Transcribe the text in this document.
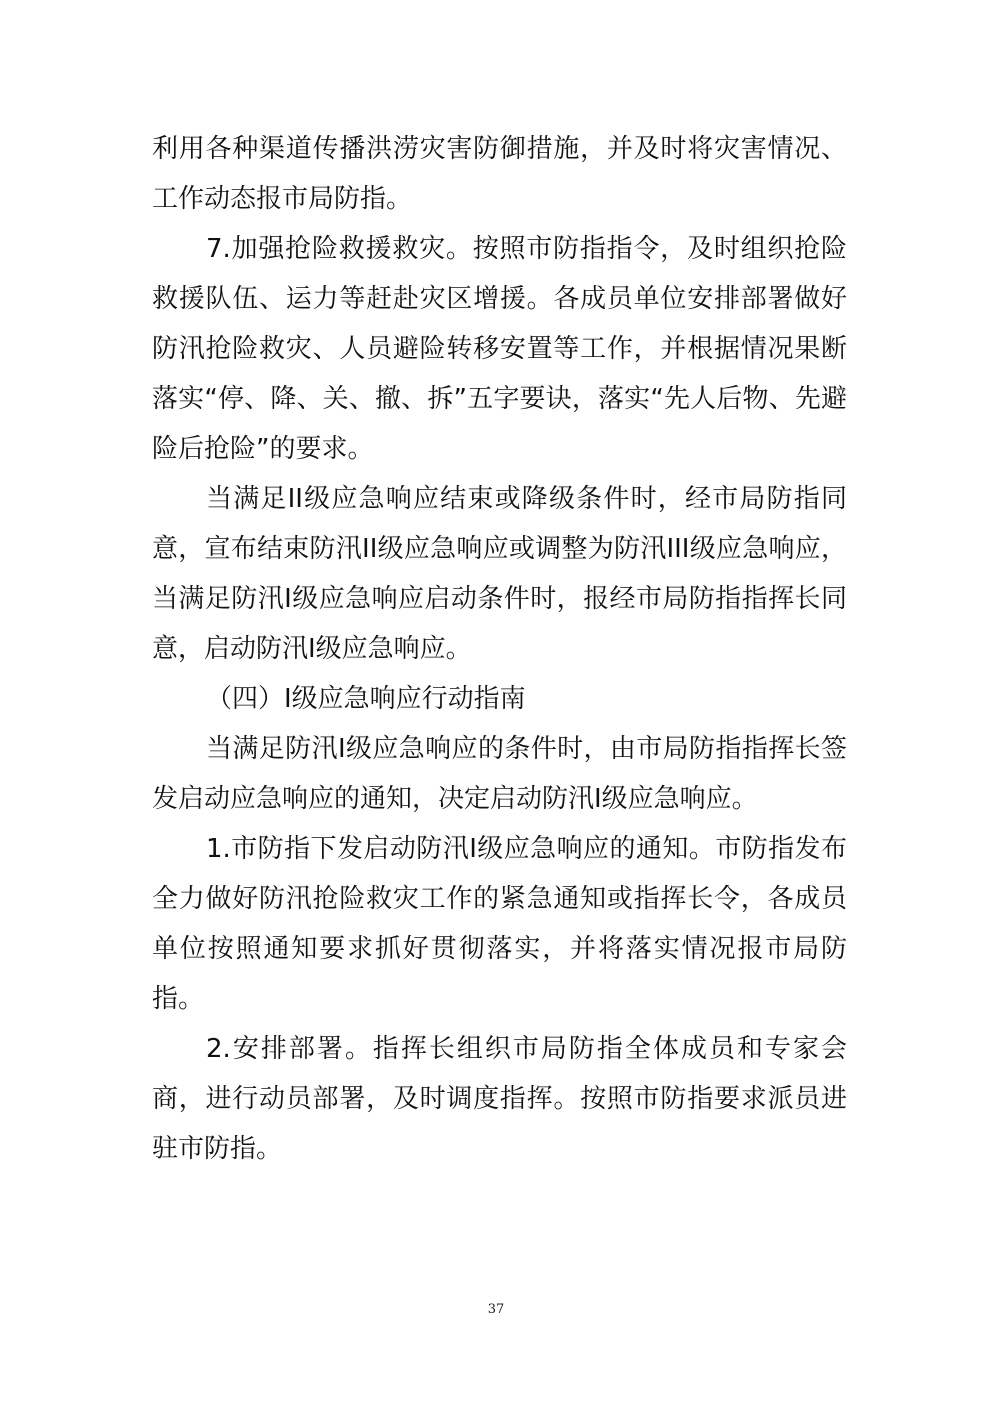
利用各种渠道传播洪涝灾害防御措施，并及时将灾害情况、工作动态报市局防指。

7.加强抢险救援救灾。按照市防指指令，及时组织抢险救援队伍、运力等赶赴灾区增援。各成员单位安排部署做好防汛抢险救灾、人员避险转移安置等工作，并根据情况果断落实“停、降、关、撤、拆”五字要诀，落实“先人后物、先避险后抢险”的要求。

当满足II级应急响应结束或降级条件时，经市局防指同意，宣布结束防汛II级应急响应或调整为防汛III级应急响应，当满足防汛I级应急响应启动条件时，报经市局防指指挥长同意，启动防汛I级应急响应。

（四）I级应急响应行动指南

当满足防汛I级应急响应的条件时，由市局防指指挥长签发启动应急响应的通知，决定启动防汛I级应急响应。

1.市防指下发启动防汛I级应急响应的通知。市防指发布全力做好防汛抢险救灾工作的紧急通知或指挥长令，各成员单位按照通知要求抓好贯彻落实，并将落实情况报市局防指。

2.安排部署。指挥长组织市局防指全体成员和专家会商，进行动员部署，及时调度指挥。按照市防指要求派员进驻市防指。

37
